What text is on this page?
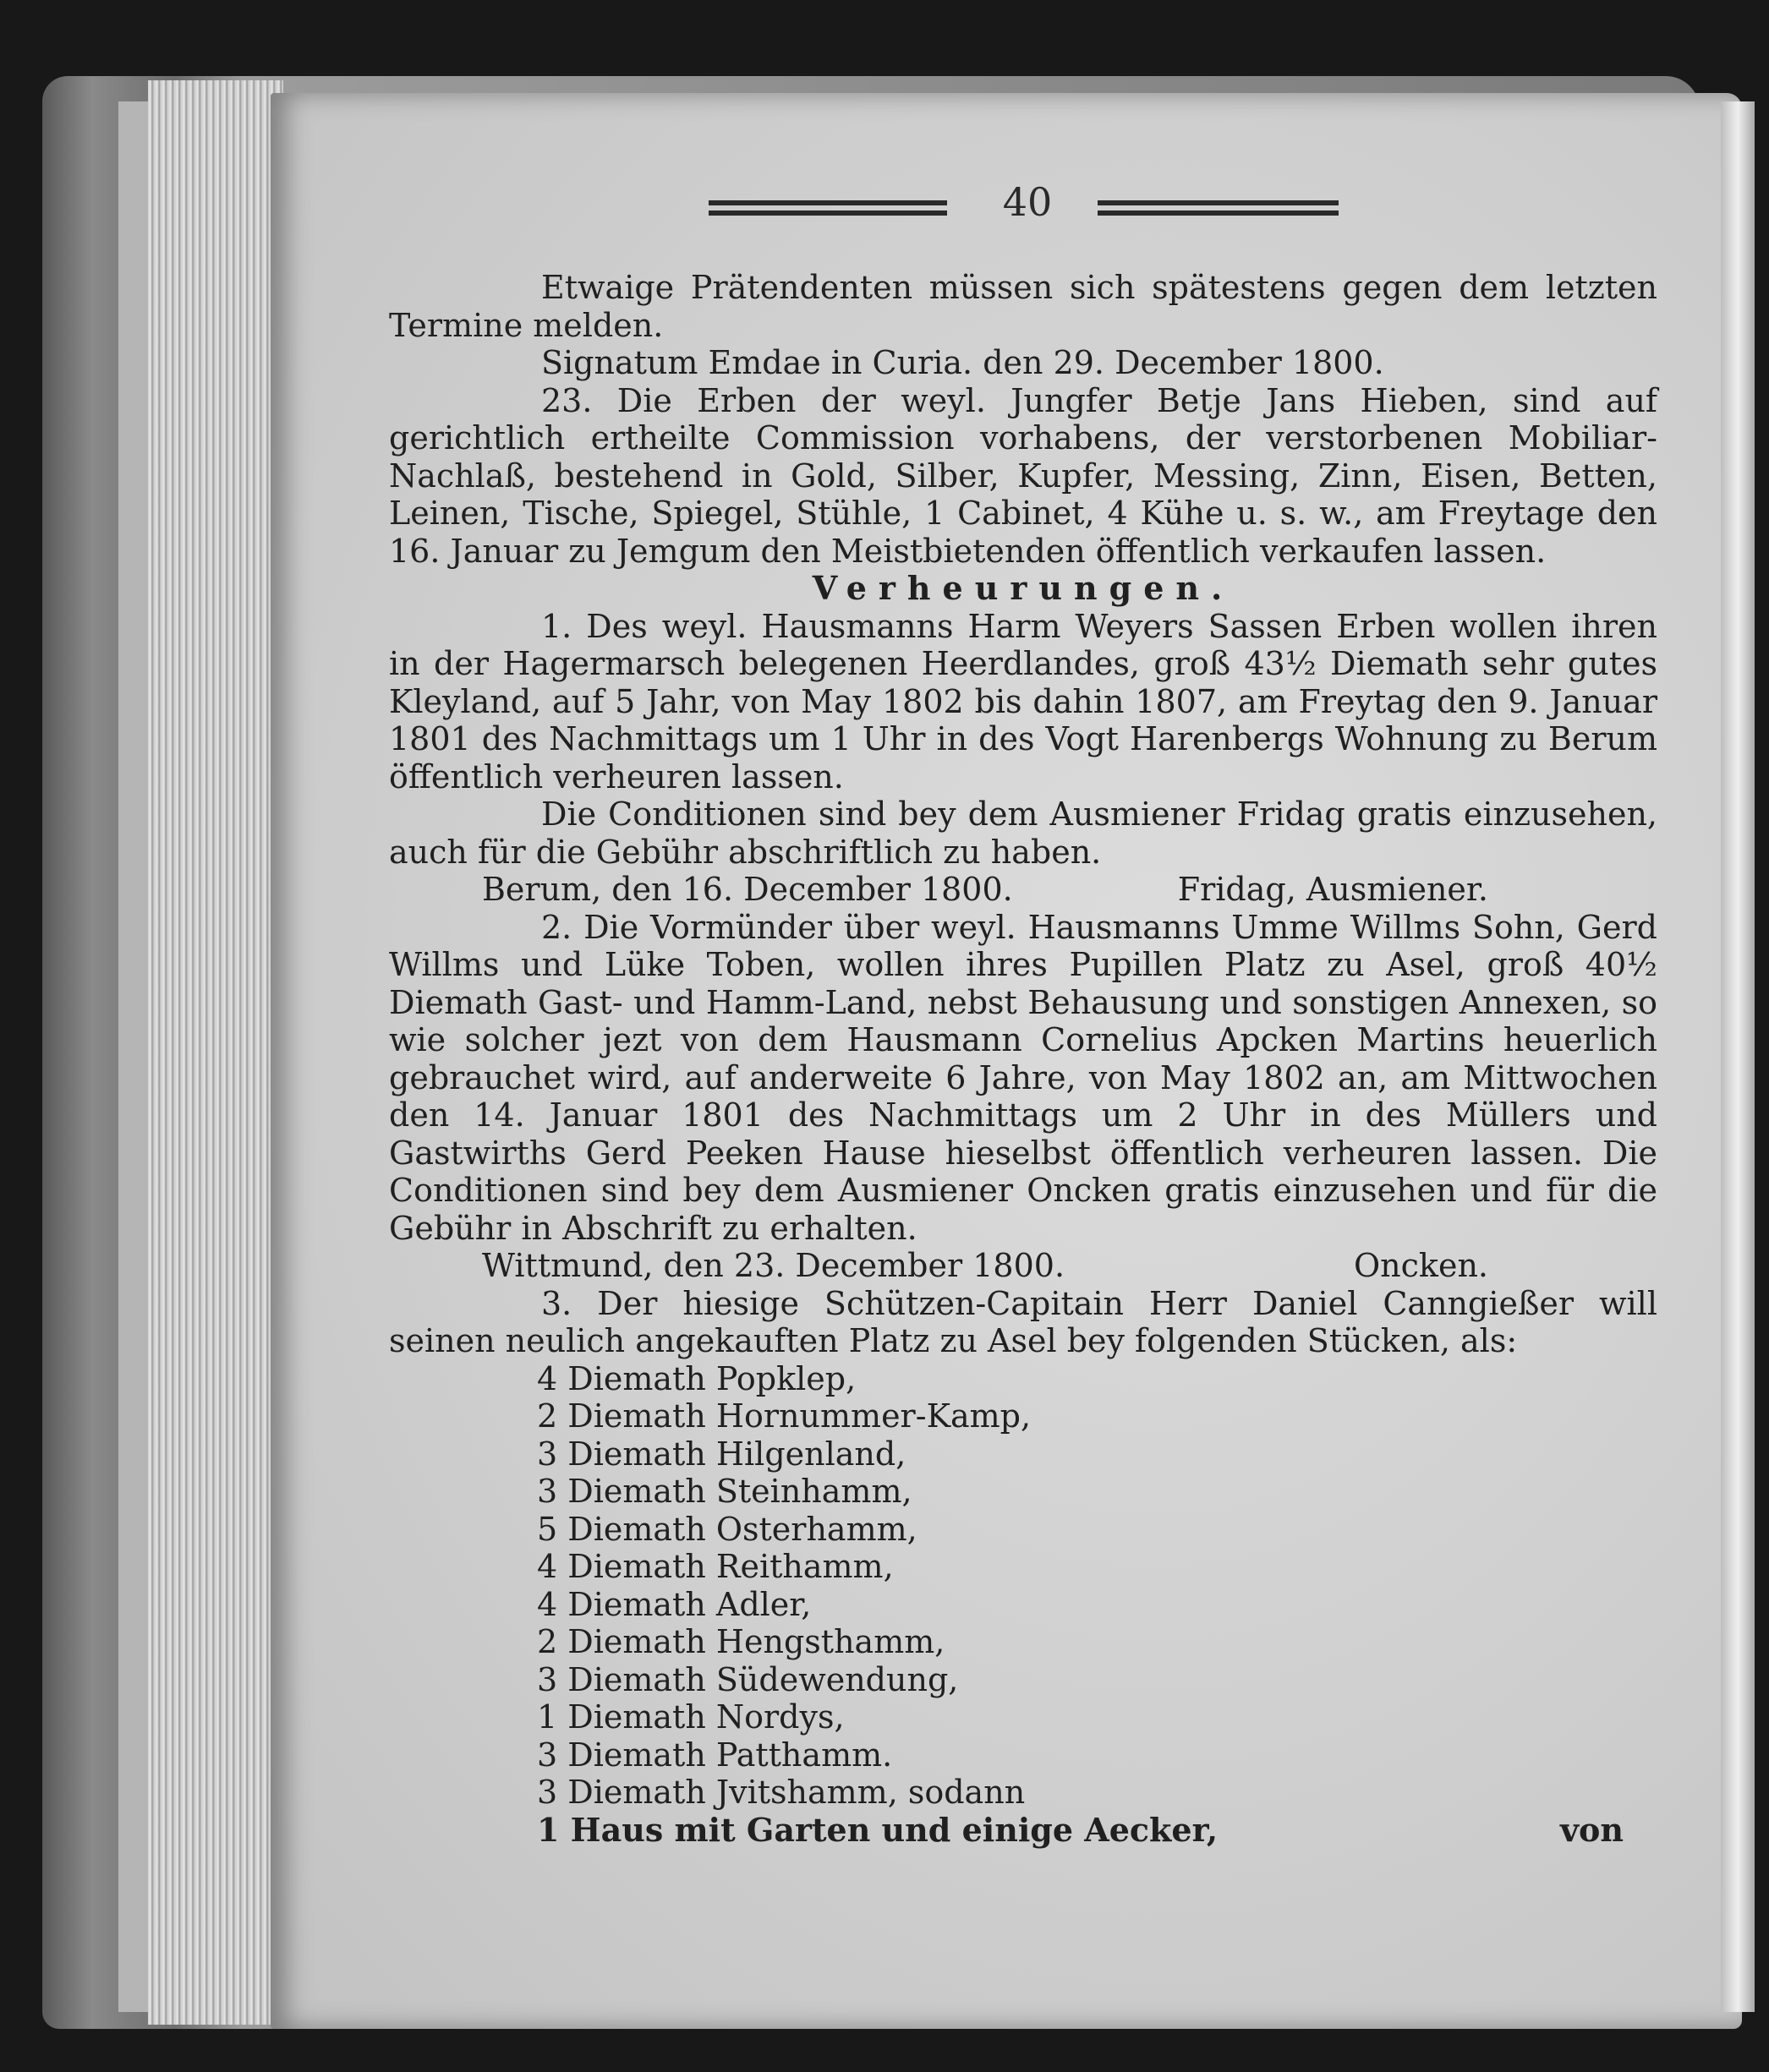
40

Etwaige Prätendenten müssen sich spätestens gegen dem letzten Termine melden.

Signatum Emdae in Curia. den 29. December 1800.

23. Die Erben der weyl. Jungfer Betje Jans Hieben, sind auf gerichtlich ertheilte Commission vorhabens, der verstorbenen Mobiliar-Nachlaß, bestehend in Gold, Silber, Kupfer, Messing, Zinn, Eisen, Betten, Leinen, Tische, Spiegel, Stühle, 1 Cabinet, 4 Kühe u. s. w., am Freytage den 16. Januar zu Jemgum den Meistbietenden öffentlich verkaufen lassen.

Verheurungen.

1. Des weyl. Hausmanns Harm Weyers Sassen Erben wollen ihren in der Hagermarsch belegenen Heerdlandes, groß 43½ Diemath sehr gutes Kleyland, auf 5 Jahr, von May 1802 bis dahin 1807, am Freytag den 9. Januar 1801 des Nachmittags um 1 Uhr in des Vogt Harenbergs Wohnung zu Berum öffentlich verheuren lassen.

Die Conditionen sind bey dem Ausmiener Fridag gratis einzusehen, auch für die Gebühr abschriftlich zu haben.

Berum, den 16. December 1800.	Fridag, Ausmiener.

2. Die Vormünder über weyl. Hausmanns Umme Willms Sohn, Gerd Willms und Lüke Toben, wollen ihres Pupillen Platz zu Asel, groß 40½ Diemath Gast- und Hamm-Land, nebst Behausung und sonstigen Annexen, so wie solcher jezt von dem Hausmann Cornelius Apcken Martins heuerlich gebrauchet wird, auf anderweite 6 Jahre, von May 1802 an, am Mittwochen den 14. Januar 1801 des Nachmittags um 2 Uhr in des Müllers und Gastwirths Gerd Peeken Hause hieselbst öffentlich verheuren lassen. Die Conditionen sind bey dem Ausmiener Oncken gratis einzusehen und für die Gebühr in Abschrift zu erhalten.

Wittmund, den 23. December 1800.	Oncken.

3. Der hiesige Schützen-Capitain Herr Daniel Canngießer will seinen neulich angekauften Platz zu Asel bey folgenden Stücken, als:

4 Diemath Popklep,
2 Diemath Hornummer-Kamp,
3 Diemath Hilgenland,
3 Diemath Steinhamm,
5 Diemath Osterhamm,
4 Diemath Reithamm,
4 Diemath Adler,
2 Diemath Hengsthamm,
3 Diemath Südewendung,
1 Diemath Nordys,
3 Diemath Patthamm.
3 Diemath Jvitshamm, sodann
1 Haus mit Garten und einige Aecker,	von
